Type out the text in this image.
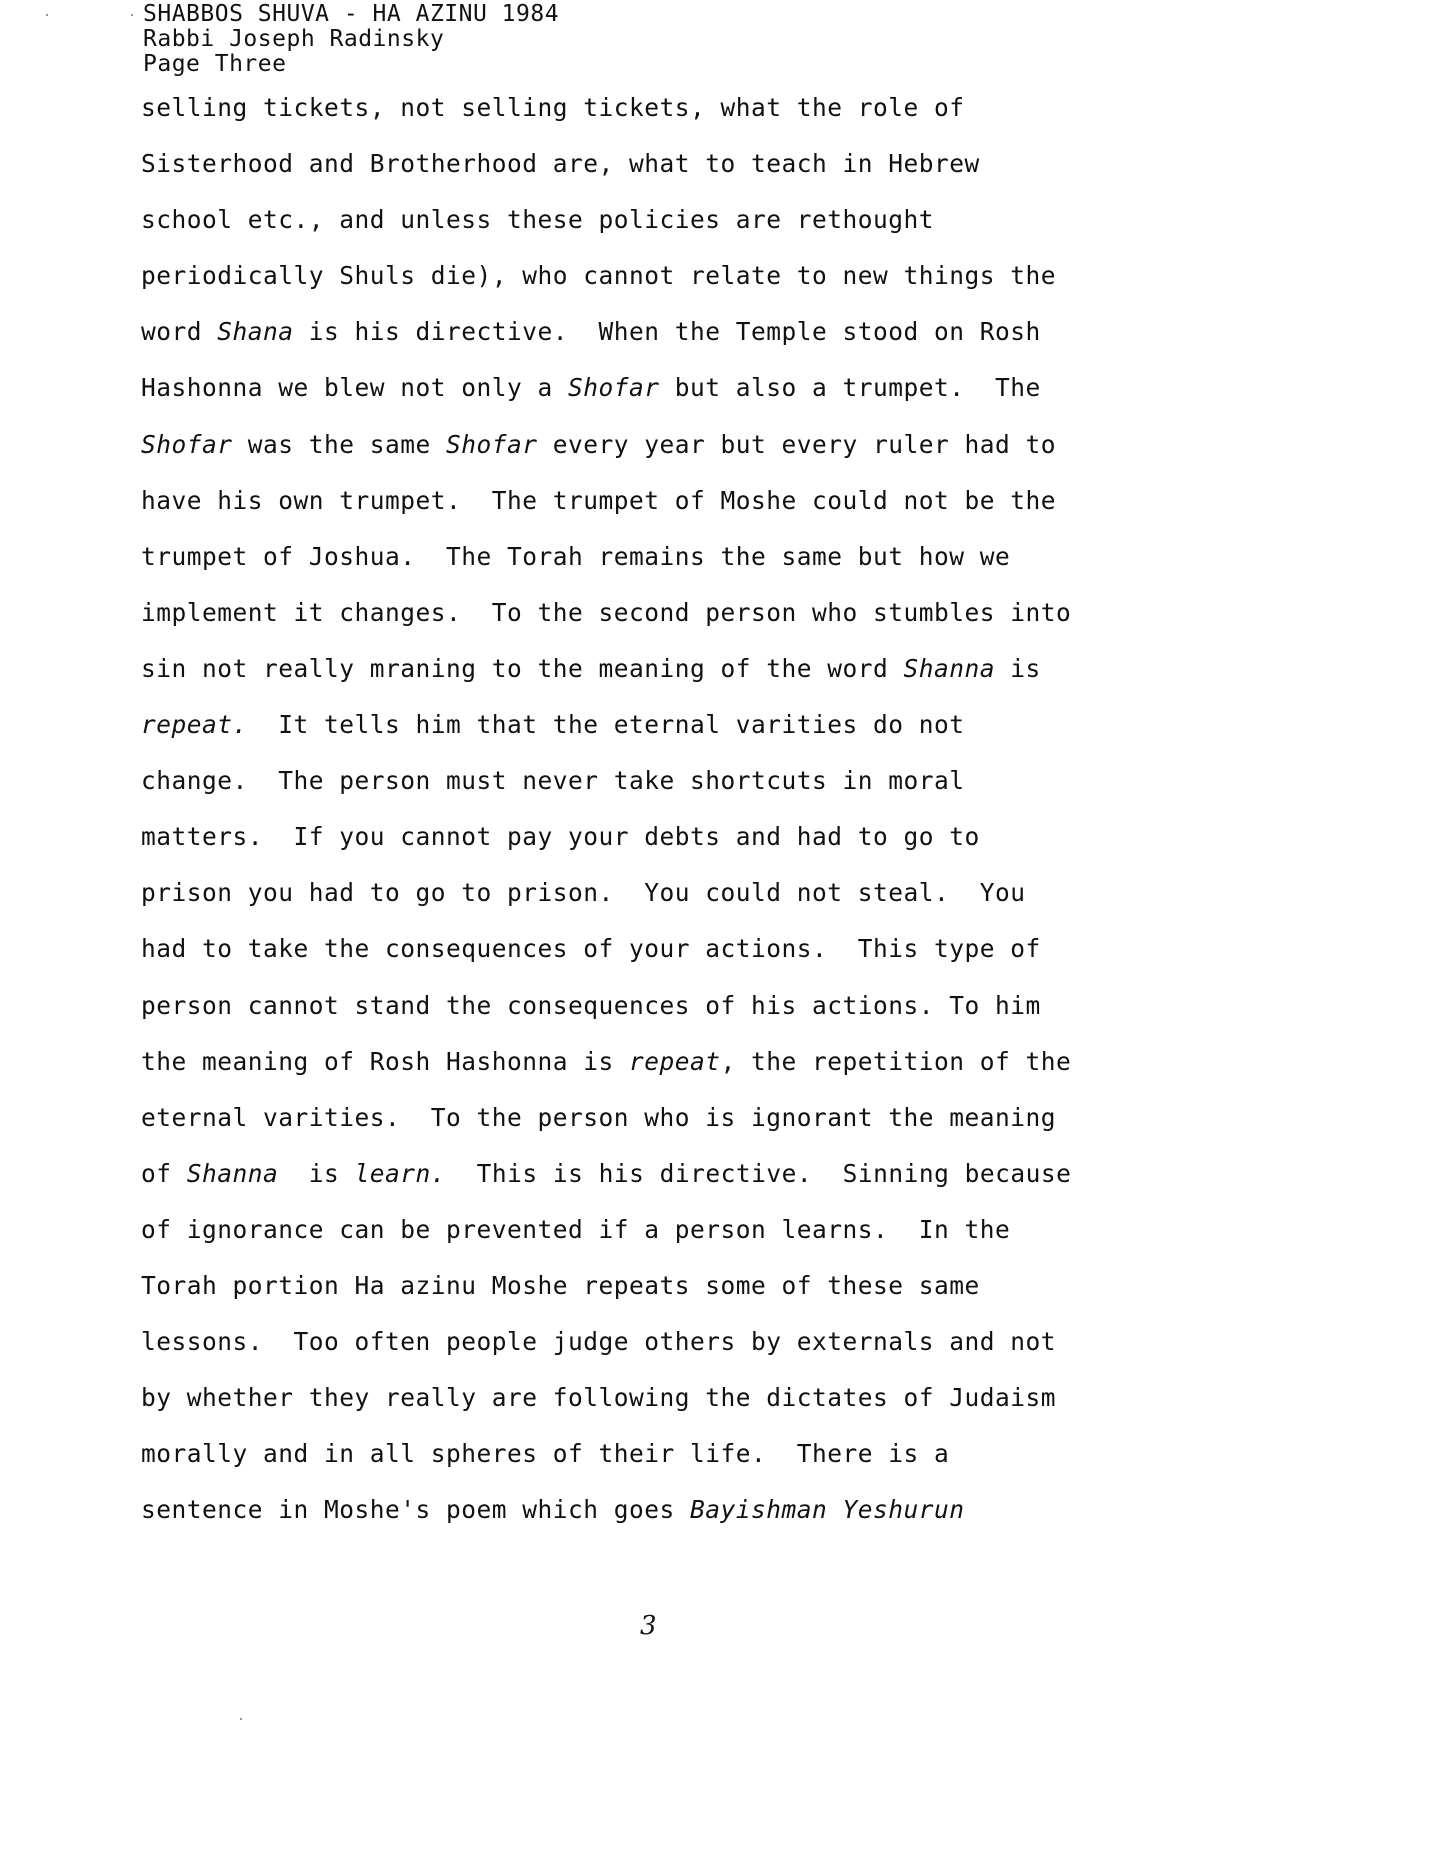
SHABBOS SHUVA - HA AZINU 1984
Rabbi Joseph Radinsky
Page Three
selling tickets, not selling tickets, what the role of
Sisterhood and Brotherhood are, what to teach in Hebrew
school etc., and unless these policies are rethought
periodically Shuls die), who cannot relate to new things the
word Shana is his directive.  When the Temple stood on Rosh
Hashonna we blew not only a Shofar but also a trumpet.  The
Shofar was the same Shofar every year but every ruler had to
have his own trumpet.  The trumpet of Moshe could not be the
trumpet of Joshua.  The Torah remains the same but how we
implement it changes.  To the second person who stumbles into
sin not really mraning to the meaning of the word Shanna is
repeat.  It tells him that the eternal varities do not
change.  The person must never take shortcuts in moral
matters.  If you cannot pay your debts and had to go to
prison you had to go to prison.  You could not steal.  You
had to take the consequences of your actions.  This type of
person cannot stand the consequences of his actions. To him
the meaning of Rosh Hashonna is repeat, the repetition of the
eternal varities.  To the person who is ignorant the meaning
of Shanna  is learn.  This is his directive.  Sinning because
of ignorance can be prevented if a person learns.  In the
Torah portion Ha azinu Moshe repeats some of these same
lessons.  Too often people judge others by externals and not
by whether they really are following the dictates of Judaism
morally and in all spheres of their life.  There is a
sentence in Moshe's poem which goes Bayishman Yeshurun
3
